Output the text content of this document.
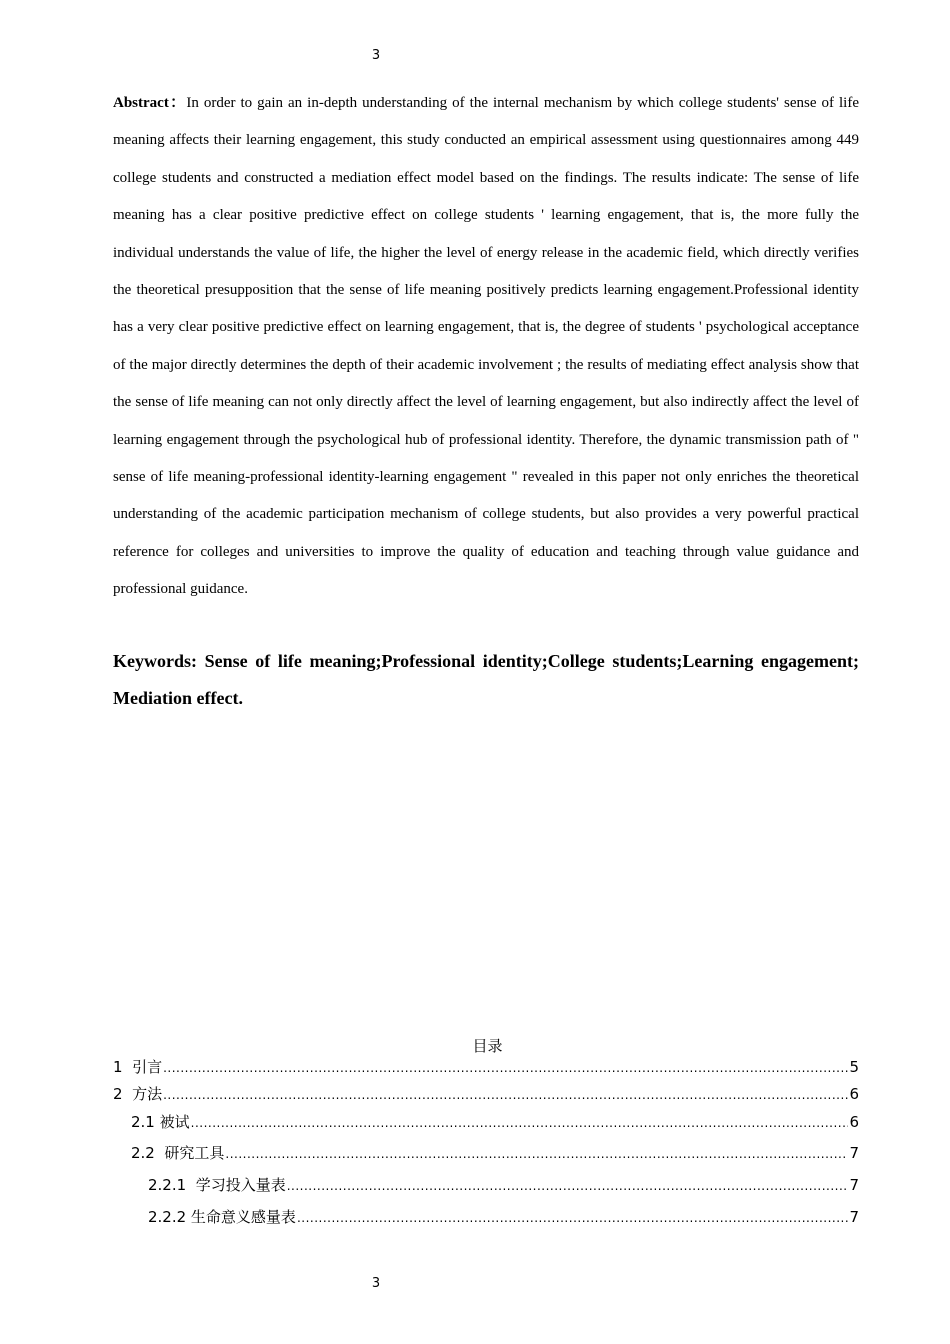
3

Abstract：In order to gain an in-depth understanding of the internal mechanism by which college students' sense of life meaning affects their learning engagement, this study conducted an empirical assessment using questionnaires among 449 college students and constructed a mediation effect model based on the findings. The results indicate: The sense of life meaning has a clear positive predictive effect on college students ' learning engagement, that is, the more fully the individual understands the value of life, the higher the level of energy release in the academic field, which directly verifies the theoretical presupposition that the sense of life meaning positively predicts learning engagement.Professional identity has a very clear positive predictive effect on learning engagement, that is, the degree of students ' psychological acceptance of the major directly determines the depth of their academic involvement ; the results of mediating effect analysis show that the sense of life meaning can not only directly affect the level of learning engagement, but also indirectly affect the level of learning engagement through the psychological hub of professional identity. Therefore, the dynamic transmission path of " sense of life meaning-professional identity-learning engagement " revealed in this paper not only enriches the theoretical understanding of the academic participation mechanism of college students, but also provides a very powerful practical reference for colleges and universities to improve the quality of education and teaching through value guidance and professional guidance.

Keywords: Sense of life meaning;Professional identity;College students;Learning engagement; Mediation effect.

目录
1  引言 .....	5
2  方法 .....	6
2.1 被试 .....	6
2.2  研究工具 .....	7
2.2.1  学习投入量表 .....	7
2.2.2 生命意义感量表 .....	7
3
